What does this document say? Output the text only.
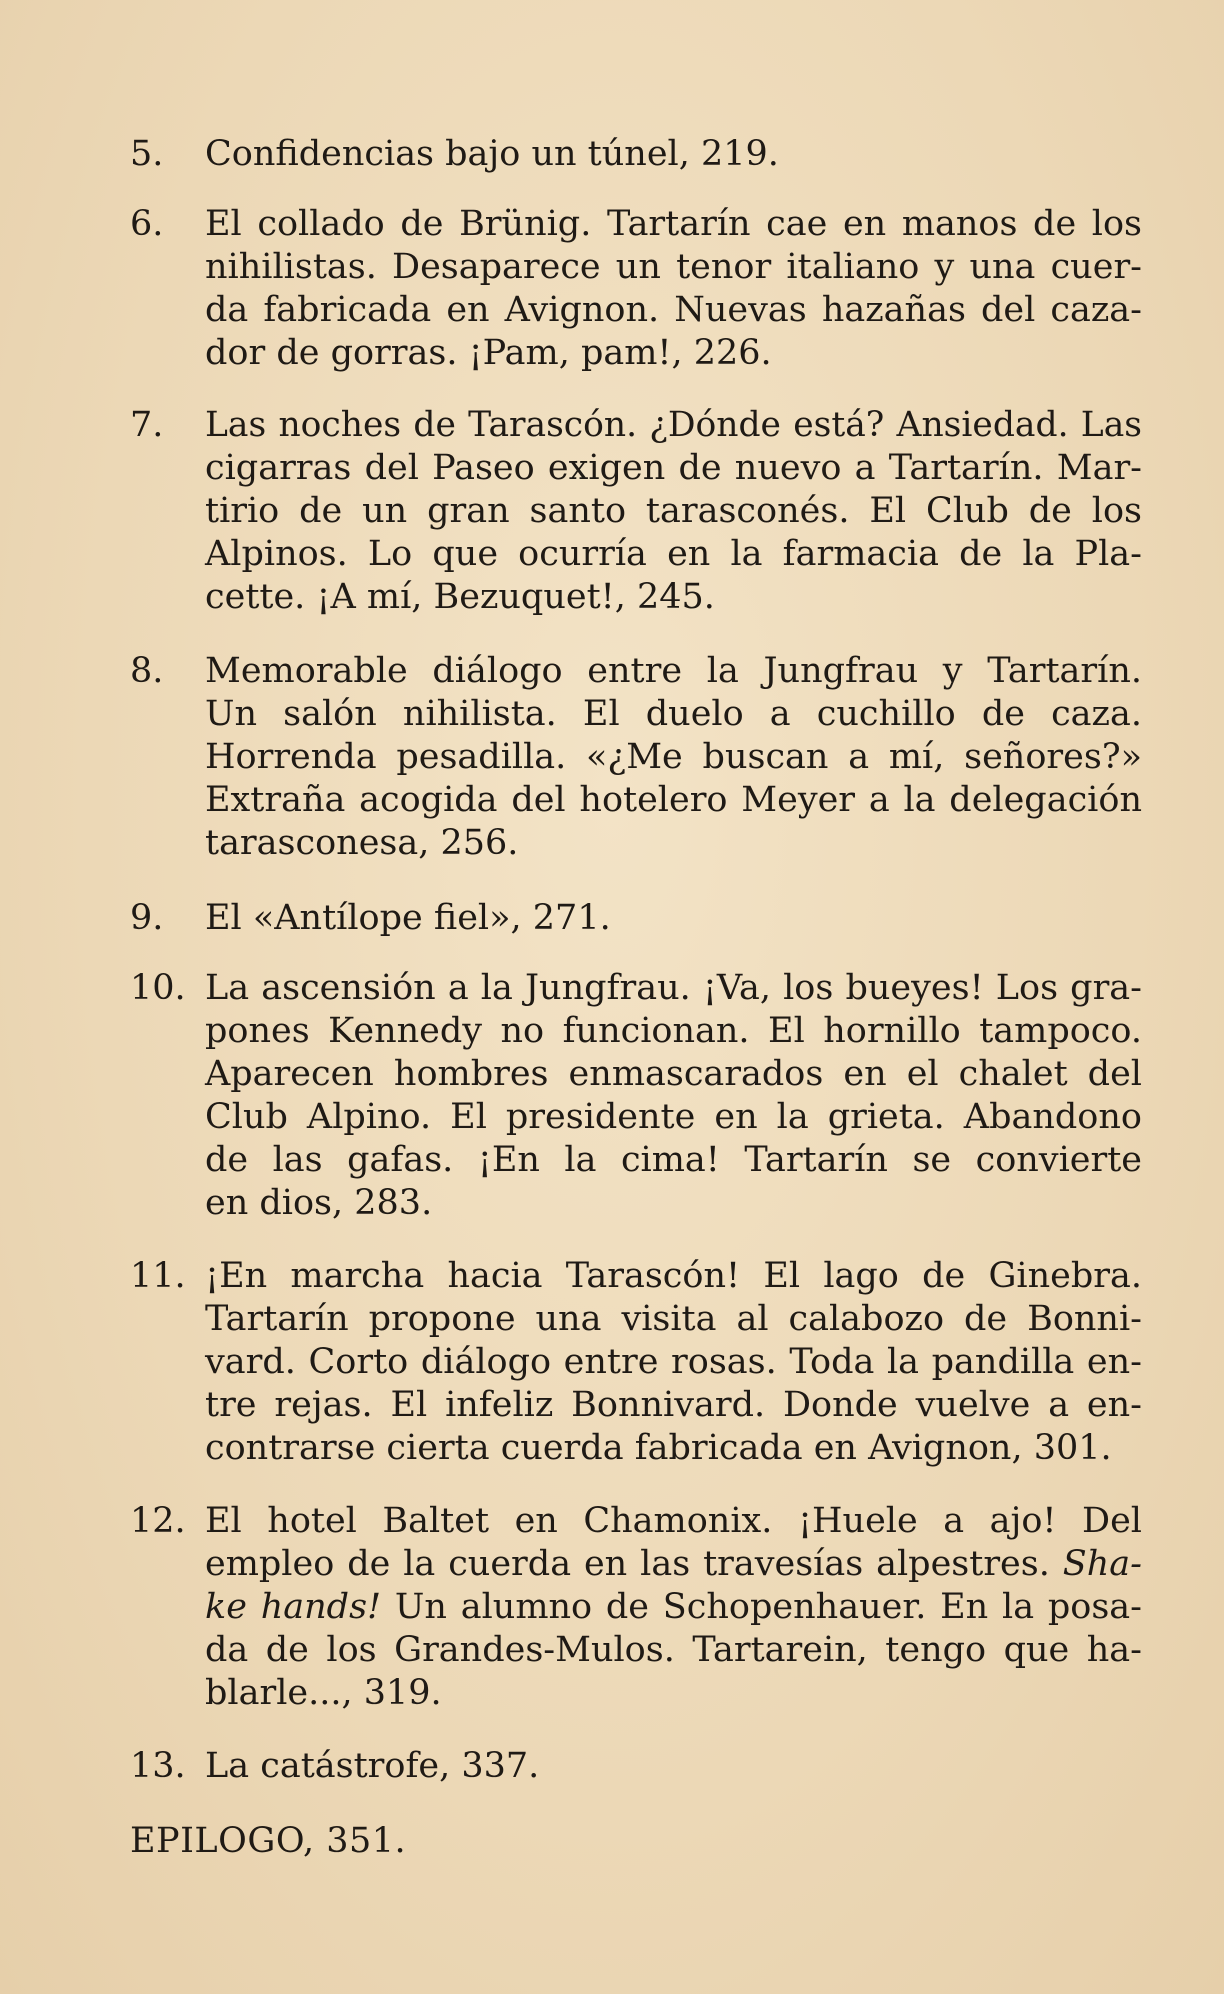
5.	Confidencias bajo un túnel, 219.
6.	El collado de Brünig. Tartarín cae en manos de los
nihilistas. Desaparece un tenor italiano y una cuer-
da fabricada en Avignon. Nuevas hazañas del caza-
dor de gorras. ¡Pam, pam!, 226.
7.	Las noches de Tarascón. ¿Dónde está? Ansiedad. Las
cigarras del Paseo exigen de nuevo a Tartarín. Mar-
tirio de un gran santo tarasconés. El Club de los
Alpinos. Lo que ocurría en la farmacia de la Pla-
cette. ¡A mí, Bezuquet!, 245.
8.	Memorable diálogo entre la Jungfrau y Tartarín.
Un salón nihilista. El duelo a cuchillo de caza.
Horrenda pesadilla. «¿Me buscan a mí, señores?»
Extraña acogida del hotelero Meyer a la delegación
tarasconesa, 256.
9.	El «Antílope fiel», 271.
10. La ascensión a la Jungfrau. ¡Va, los bueyes! Los gra-
pones Kennedy no funcionan. El hornillo tampoco.
Aparecen hombres enmascarados en el chalet del
Club Alpino. El presidente en la grieta. Abandono
de las gafas. ¡En la cima! Tartarín se convierte
en dios, 283.
11. ¡En marcha hacia Tarascón! El lago de Ginebra.
Tartarín propone una visita al calabozo de Bonni-
vard. Corto diálogo entre rosas. Toda la pandilla en-
tre rejas. El infeliz Bonnivard. Donde vuelve a en-
contrarse cierta cuerda fabricada en Avignon, 301.
12. El hotel Baltet en Chamonix. ¡Huele a ajo! Del
empleo de la cuerda en las travesías alpestres. Sha-
ke hands! Un alumno de Schopenhauer. En la posa-
da de los Grandes-Mulos. Tartarein, tengo que ha-
blarle..., 319.
13. La catástrofe, 337.
EPILOGO, 351.
